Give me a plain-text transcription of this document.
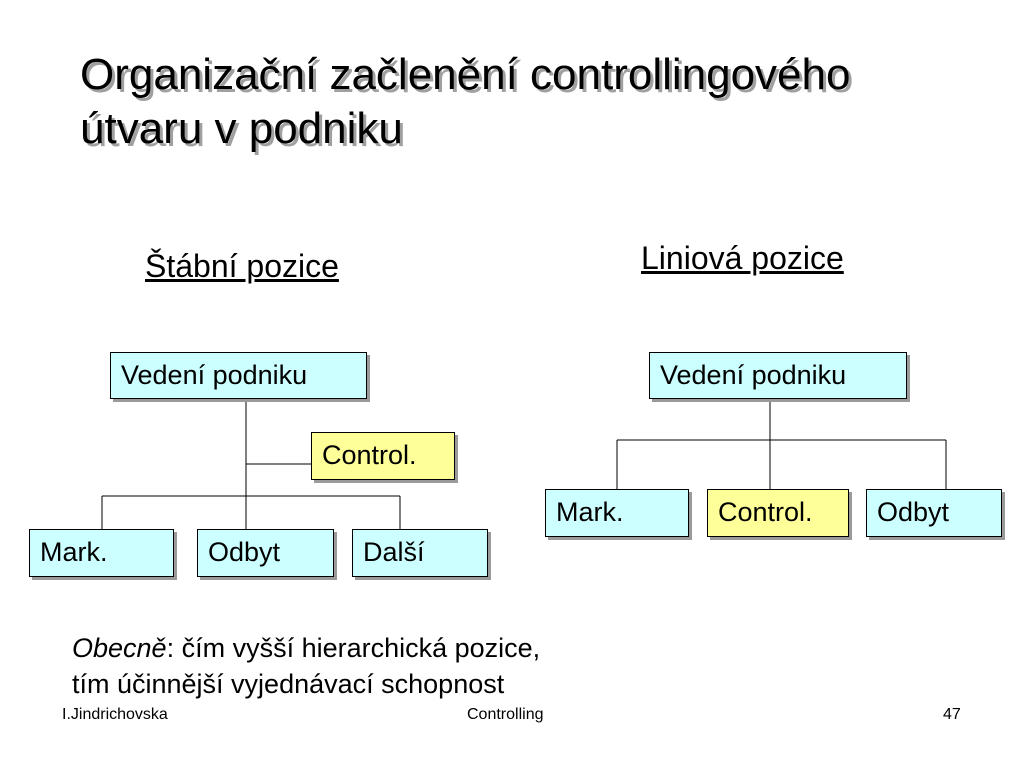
Organizační začlenění controllingového
útvaru v podniku
Štábní pozice	Liniová pozice
Vedení podniku
Control.
Mark.	Odbyt	Další
Vedení podniku
Mark.	Control.	Odbyt

Obecně: čím vyšší hierarchická pozice,

tím účinnější vyjednávací schopnost

I.Jindrichovska	Controlling	47
